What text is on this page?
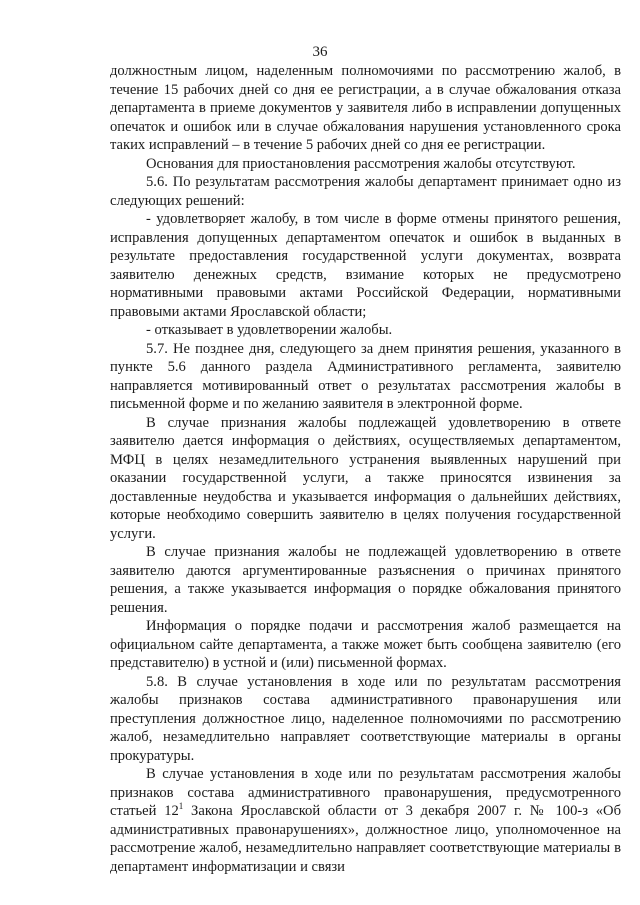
36

должностным лицом, наделенным полномочиями по рассмотрению жалоб, в течение 15 рабочих дней со дня ее регистрации, а в случае обжалования отказа департамента в приеме документов у заявителя либо в исправлении допущенных опечаток и ошибок или в случае обжалования нарушения установленного срока таких исправлений – в течение 5 рабочих дней со дня ее регистрации.

Основания для приостановления рассмотрения жалобы отсутствуют.

5.6. По результатам рассмотрения жалобы департамент принимает одно из следующих решений:

- удовлетворяет жалобу, в том числе в форме отмены принятого решения, исправления допущенных департаментом опечаток и ошибок в выданных в результате предоставления государственной услуги документах, возврата заявителю денежных средств, взимание которых не предусмотрено нормативными правовыми актами Российской Федерации, нормативными правовыми актами Ярославской области;

- отказывает в удовлетворении жалобы.

5.7. Не позднее дня, следующего за днем принятия решения, указанного в пункте 5.6 данного раздела Административного регламента, заявителю направляется мотивированный ответ о результатах рассмотрения жалобы в письменной форме и по желанию заявителя в электронной форме.

В случае признания жалобы подлежащей удовлетворению в ответе заявителю дается информация о действиях, осуществляемых департаментом, МФЦ в целях незамедлительного устранения выявленных нарушений при оказании государственной услуги, а также приносятся извинения за доставленные неудобства и указывается информация о дальнейших действиях, которые необходимо совершить заявителю в целях получения государственной услуги.

В случае признания жалобы не подлежащей удовлетворению в ответе заявителю даются аргументированные разъяснения о причинах принятого решения, а также указывается информация о порядке обжалования принятого решения.

Информация о порядке подачи и рассмотрения жалоб размещается на официальном сайте департамента, а также может быть сообщена заявителю (его представителю) в устной и (или) письменной формах.

5.8. В случае установления в ходе или по результатам рассмотрения жалобы признаков состава административного правонарушения или преступления должностное лицо, наделенное полномочиями по рассмотрению жалоб, незамедлительно направляет соответствующие материалы в органы прокуратуры.

В случае установления в ходе или по результатам рассмотрения жалобы признаков состава административного правонарушения, предусмотренного статьей $12^1$ Закона Ярославской области от 3 декабря 2007 г. № 100-з «Об административных правонарушениях», должностное лицо, уполномоченное на рассмотрение жалоб, незамедлительно направляет соответствующие материалы в департамент информатизации и связи
